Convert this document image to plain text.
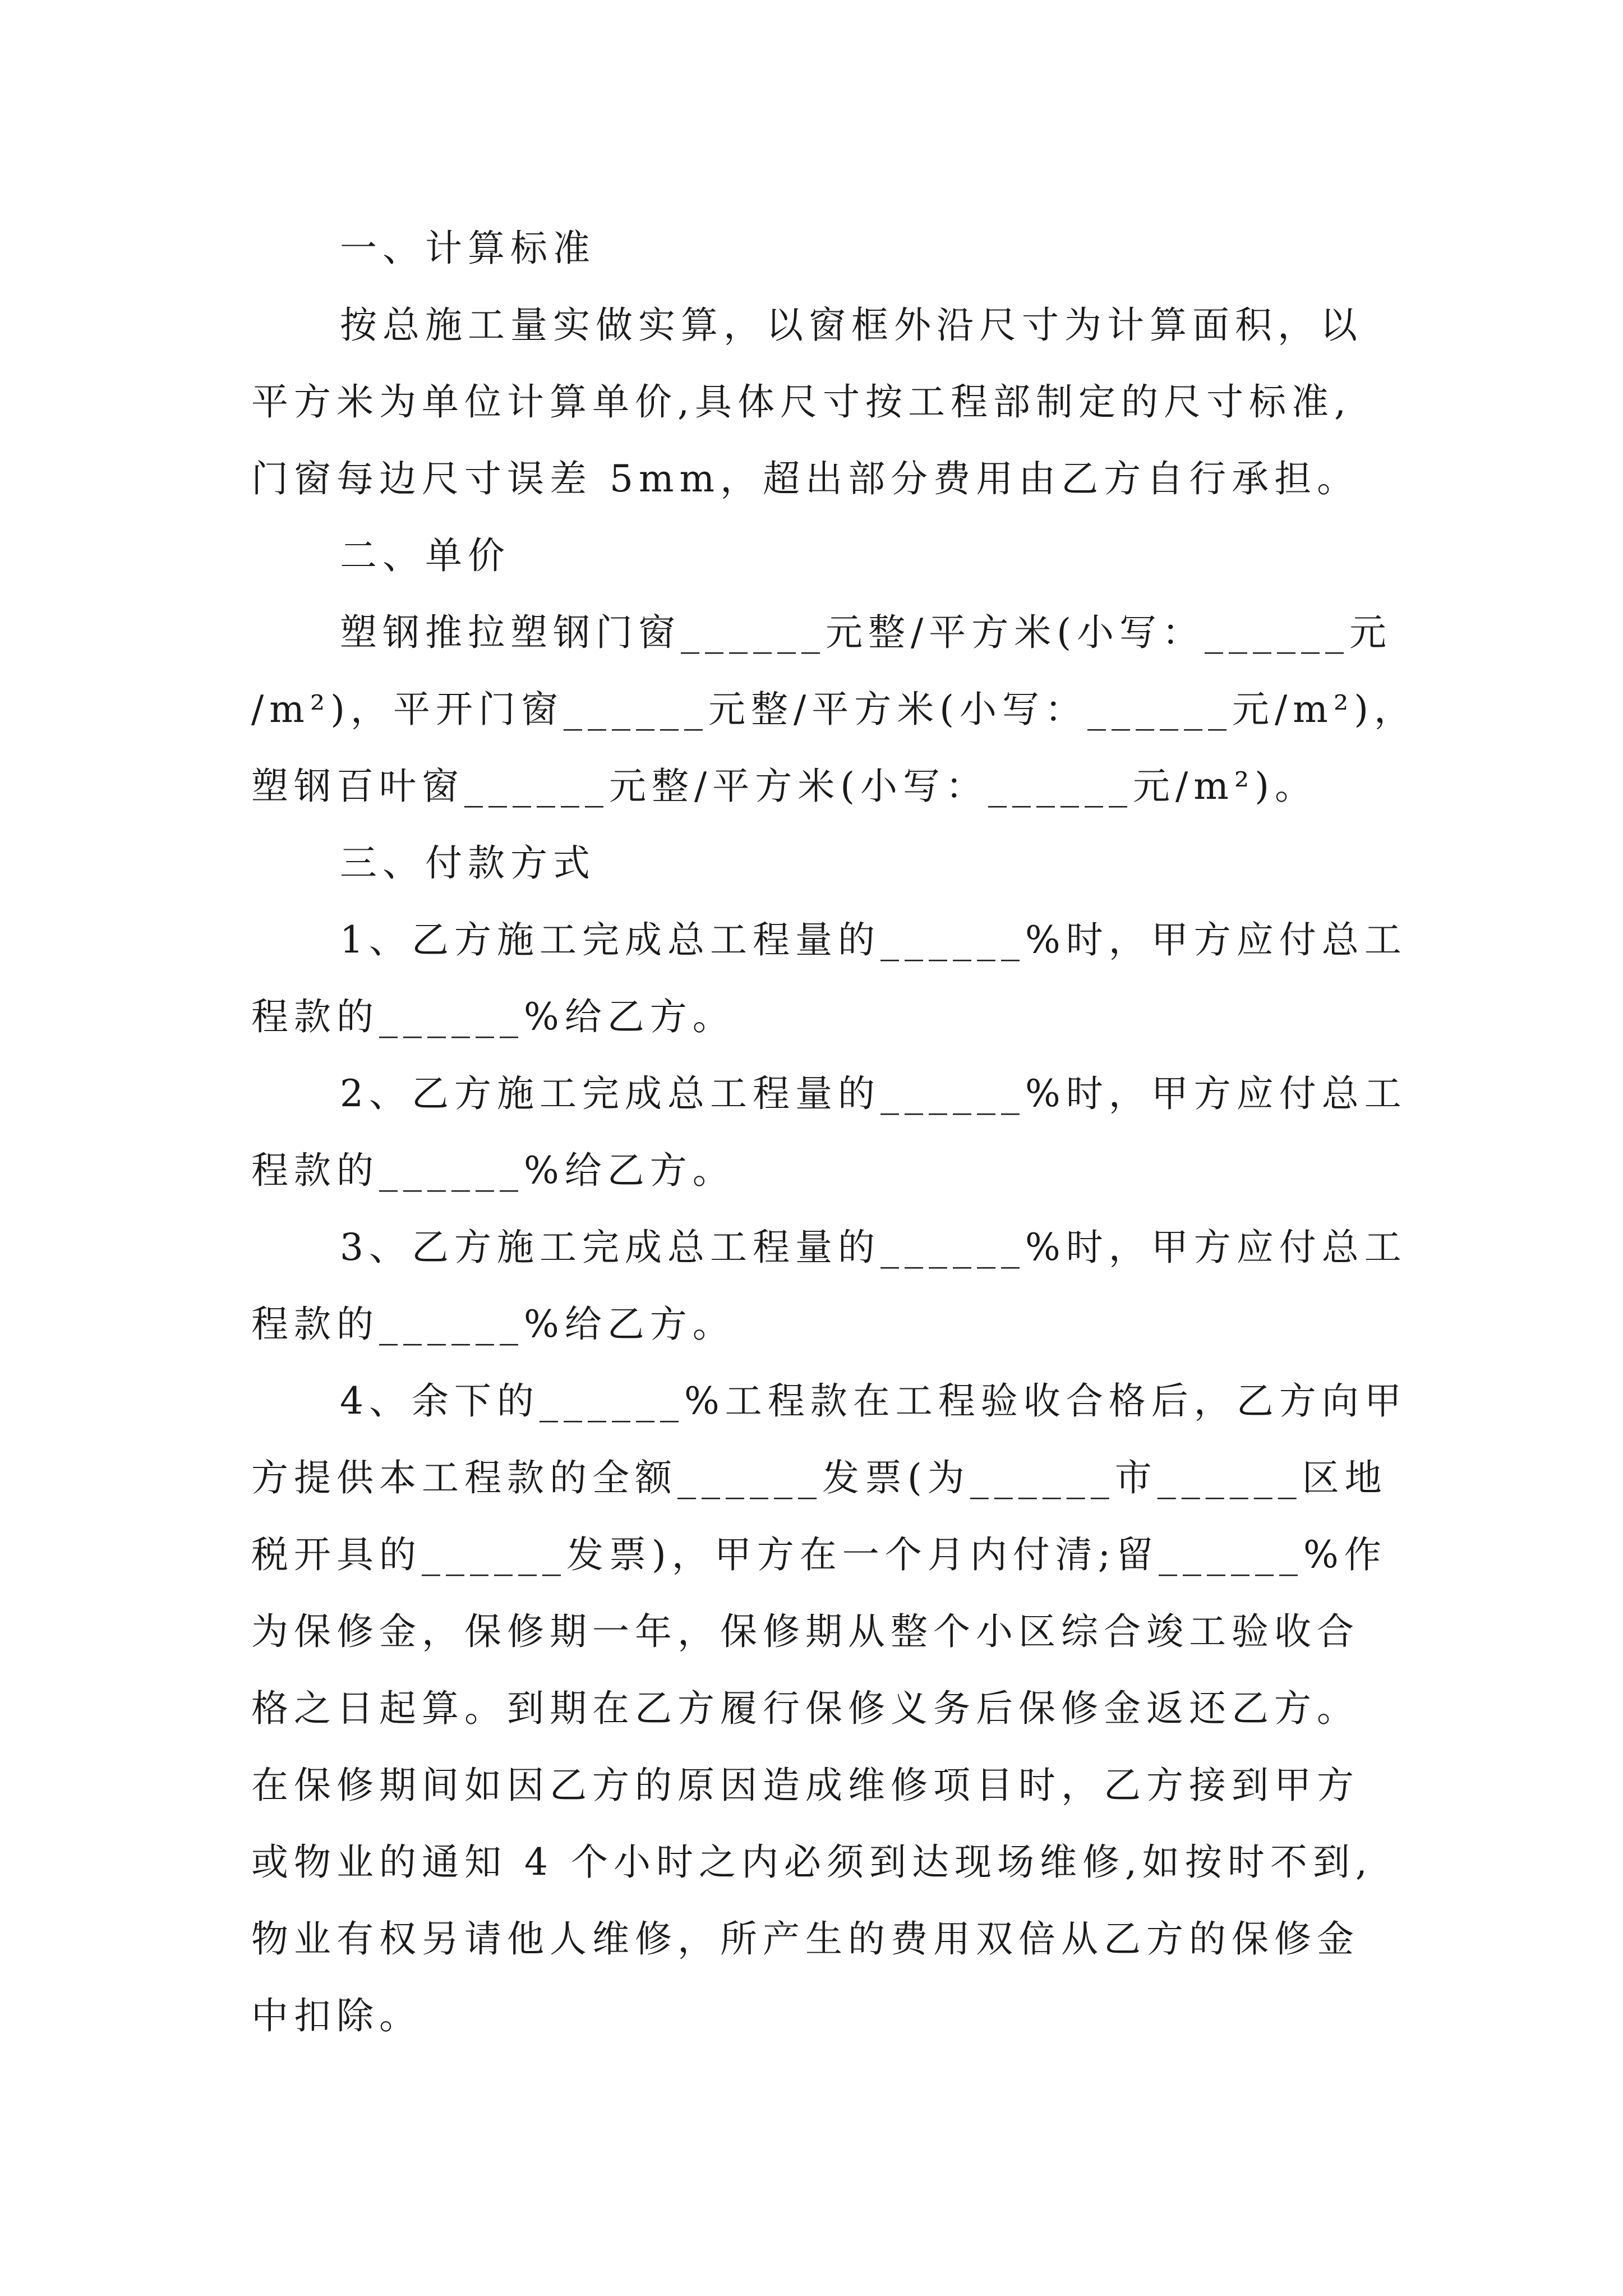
一、计算标准
按总施工量实做实算，以窗框外沿尺寸为计算面积，以
平方米为单位计算单价,具体尺寸按工程部制定的尺寸标准,
门窗每边尺寸误差 5mm，超出部分费用由乙方自行承担。
二、单价
塑钢推拉塑钢门窗______元整/平方米(小写：______元
/m²)，平开门窗______元整/平方米(小写：______元/m²)，
塑钢百叶窗______元整/平方米(小写：______元/m²)。
三、付款方式
1、乙方施工完成总工程量的______%时，甲方应付总工
程款的______%给乙方。
2、乙方施工完成总工程量的______%时，甲方应付总工
程款的______%给乙方。
3、乙方施工完成总工程量的______%时，甲方应付总工
程款的______%给乙方。
4、余下的______%工程款在工程验收合格后，乙方向甲
方提供本工程款的全额______发票(为______市______区地
税开具的______发票)，甲方在一个月内付清;留______%作
为保修金，保修期一年，保修期从整个小区综合竣工验收合
格之日起算。到期在乙方履行保修义务后保修金返还乙方。
在保修期间如因乙方的原因造成维修项目时，乙方接到甲方
或物业的通知 4 个小时之内必须到达现场维修,如按时不到,
物业有权另请他人维修，所产生的费用双倍从乙方的保修金
中扣除。
